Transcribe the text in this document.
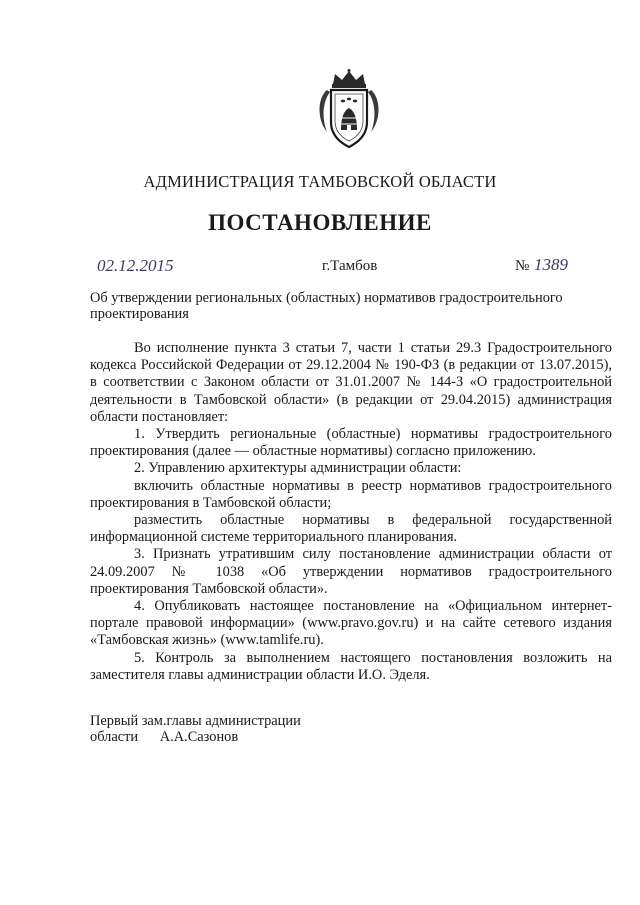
АДМИНИСТРАЦИЯ ТАМБОВСКОЙ ОБЛАСТИ
ПОСТАНОВЛЕНИЕ
02.12.2015	г.Тамбов	№ 1389
Об утверждении региональных (областных) нормативов градостроительного проектирования

Во исполнение пункта 3 статьи 7, части 1 статьи 29.3 Градостроительного кодекса Российской Федерации от 29.12.2004 № 190-ФЗ (в редакции от 13.07.2015), в соответствии с Законом области от 31.01.2007 № 144-З «О градостроительной деятельности в Тамбовской области» (в редакции от 29.04.2015) администрация области постановляет:

1. Утвердить региональные (областные) нормативы градостроительного проектирования (далее — областные нормативы) согласно приложению.

2. Управлению архитектуры администрации области:

включить областные нормативы в реестр нормативов градостроительного проектирования в Тамбовской области;

разместить областные нормативы в федеральной государственной информационной системе территориального планирования.

3. Признать утратившим силу постановление администрации области от 24.09.2007 № 1038 «Об утверждении нормативов градостроительного проектирования Тамбовской области».

4. Опубликовать настоящее постановление на «Официальном интернет-портале правовой информации» (www.pravo.gov.ru) и на сайте сетевого издания «Тамбовская жизнь» (www.tamlife.ru).

5. Контроль за выполнением настоящего постановления возложить на заместителя главы администрации области И.О. Эделя.

Первый зам.главы администрации
области А.А.Сазонов
